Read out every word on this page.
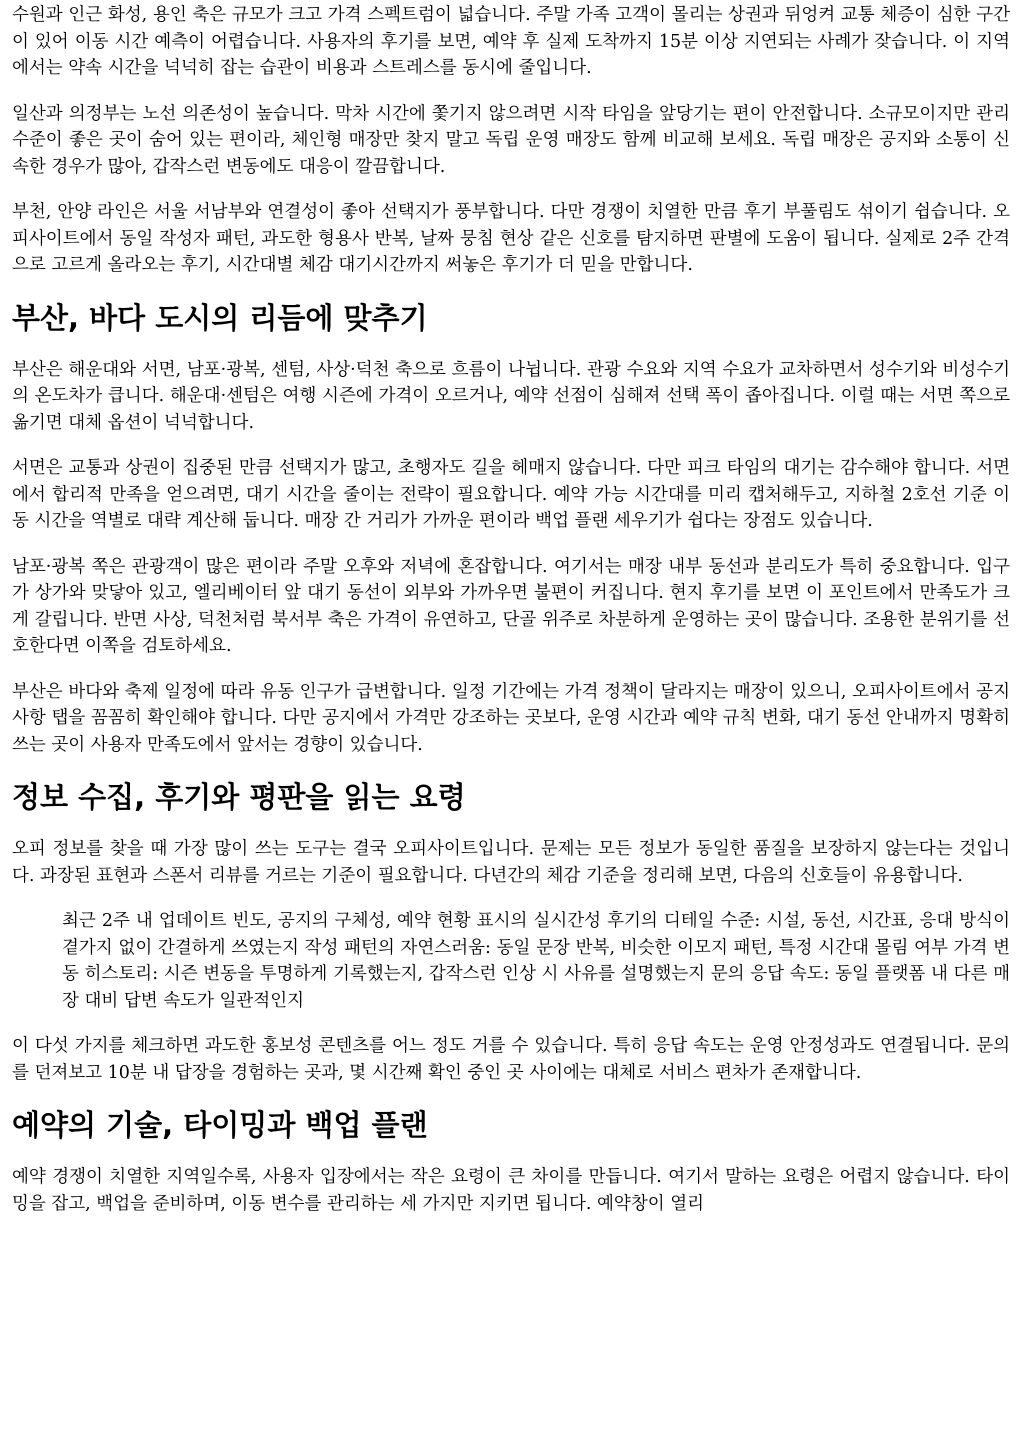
수원과 인근 화성, 용인 축은 규모가 크고 가격 스펙트럼이 넓습니다. 주말 가족 고객이 몰리는 상권과 뒤엉켜 교통 체증이 심한 구간이 있어 이동 시간 예측이 어렵습니다. 사용자의 후기를 보면, 예약 후 실제 도착까지 15분 이상 지연되는 사례가 잦습니다. 이 지역에서는 약속 시간을 넉넉히 잡는 습관이 비용과 스트레스를 동시에 줄입니다.

일산과 의정부는 노선 의존성이 높습니다. 막차 시간에 쫓기지 않으려면 시작 타임을 앞당기는 편이 안전합니다. 소규모이지만 관리 수준이 좋은 곳이 숨어 있는 편이라, 체인형 매장만 찾지 말고 독립 운영 매장도 함께 비교해 보세요. 독립 매장은 공지와 소통이 신속한 경우가 많아, 갑작스런 변동에도 대응이 깔끔합니다.

부천, 안양 라인은 서울 서남부와 연결성이 좋아 선택지가 풍부합니다. 다만 경쟁이 치열한 만큼 후기 부풀림도 섞이기 쉽습니다. 오피사이트에서 동일 작성자 패턴, 과도한 형용사 반복, 날짜 뭉침 현상 같은 신호를 탐지하면 판별에 도움이 됩니다. 실제로 2주 간격으로 고르게 올라오는 후기, 시간대별 체감 대기시간까지 써놓은 후기가 더 믿을 만합니다.

부산, 바다 도시의 리듬에 맞추기

부산은 해운대와 서면, 남포·광복, 센텀, 사상·덕천 축으로 흐름이 나뉩니다. 관광 수요와 지역 수요가 교차하면서 성수기와 비성수기의 온도차가 큽니다. 해운대·센텀은 여행 시즌에 가격이 오르거나, 예약 선점이 심해져 선택 폭이 좁아집니다. 이럴 때는 서면 쪽으로 옮기면 대체 옵션이 넉넉합니다.

서면은 교통과 상권이 집중된 만큼 선택지가 많고, 초행자도 길을 헤매지 않습니다. 다만 피크 타임의 대기는 감수해야 합니다. 서면에서 합리적 만족을 얻으려면, 대기 시간을 줄이는 전략이 필요합니다. 예약 가능 시간대를 미리 캡처해두고, 지하철 2호선 기준 이동 시간을 역별로 대략 계산해 둡니다. 매장 간 거리가 가까운 편이라 백업 플랜 세우기가 쉽다는 장점도 있습니다.

남포·광복 쪽은 관광객이 많은 편이라 주말 오후와 저녁에 혼잡합니다. 여기서는 매장 내부 동선과 분리도가 특히 중요합니다. 입구가 상가와 맞닿아 있고, 엘리베이터 앞 대기 동선이 외부와 가까우면 불편이 커집니다. 현지 후기를 보면 이 포인트에서 만족도가 크게 갈립니다. 반면 사상, 덕천처럼 북서부 축은 가격이 유연하고, 단골 위주로 차분하게 운영하는 곳이 많습니다. 조용한 분위기를 선호한다면 이쪽을 검토하세요.

부산은 바다와 축제 일정에 따라 유동 인구가 급변합니다. 일정 기간에는 가격 정책이 달라지는 매장이 있으니, 오피사이트에서 공지 사항 탭을 꼼꼼히 확인해야 합니다. 다만 공지에서 가격만 강조하는 곳보다, 운영 시간과 예약 규칙 변화, 대기 동선 안내까지 명확히 쓰는 곳이 사용자 만족도에서 앞서는 경향이 있습니다.

정보 수집, 후기와 평판을 읽는 요령

오피 정보를 찾을 때 가장 많이 쓰는 도구는 결국 오피사이트입니다. 문제는 모든 정보가 동일한 품질을 보장하지 않는다는 것입니다. 과장된 표현과 스폰서 리뷰를 거르는 기준이 필요합니다. 다년간의 체감 기준을 정리해 보면, 다음의 신호들이 유용합니다.

최근 2주 내 업데이트 빈도, 공지의 구체성, 예약 현황 표시의 실시간성 후기의 디테일 수준: 시설, 동선, 시간표, 응대 방식이 곁가지 없이 간결하게 쓰였는지 작성 패턴의 자연스러움: 동일 문장 반복, 비슷한 이모지 패턴, 특정 시간대 몰림 여부 가격 변동 히스토리: 시즌 변동을 투명하게 기록했는지, 갑작스런 인상 시 사유를 설명했는지 문의 응답 속도: 동일 플랫폼 내 다른 매장 대비 답변 속도가 일관적인지

이 다섯 가지를 체크하면 과도한 홍보성 콘텐츠를 어느 정도 거를 수 있습니다. 특히 응답 속도는 운영 안정성과도 연결됩니다. 문의를 던져보고 10분 내 답장을 경험하는 곳과, 몇 시간째 확인 중인 곳 사이에는 대체로 서비스 편차가 존재합니다.

예약의 기술, 타이밍과 백업 플랜

예약 경쟁이 치열한 지역일수록, 사용자 입장에서는 작은 요령이 큰 차이를 만듭니다. 여기서 말하는 요령은 어렵지 않습니다. 타이밍을 잡고, 백업을 준비하며, 이동 변수를 관리하는 세 가지만 지키면 됩니다. 예약창이 열리
